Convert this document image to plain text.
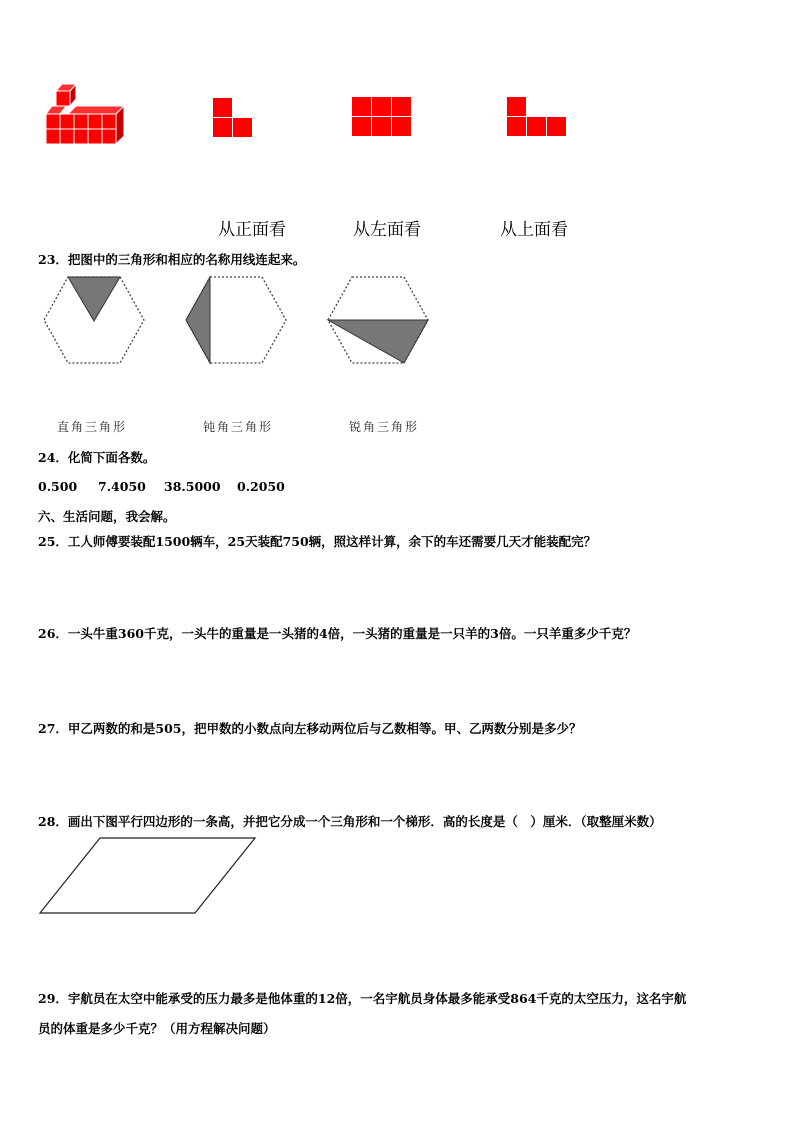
从正面看	从左面看	从上面看
23．把图中的三角形和相应的名称用线连起来。
直角三角形	钝角三角形	锐角三角形
24．化简下面各数。
0.500 7.4050 38.5000 0.2050
六、生活问题，我会解。
25．工人师傅要装配1500辆车，25天装配750辆，照这样计算，余下的车还需要几天才能装配完？
26．一头牛重360千克，一头牛的重量是一头猪的4倍，一头猪的重量是一只羊的3倍。一只羊重多少千克？
27．甲乙两数的和是505，把甲数的小数点向左移动两位后与乙数相等。甲、乙两数分别是多少？
28．画出下图平行四边形的一条高，并把它分成一个三角形和一个梯形．高的长度是（　）厘米．（取整厘米数）
29．宇航员在太空中能承受的压力最多是他体重的12倍，一名宇航员身体最多能承受864千克的太空压力，这名宇航
员的体重是多少千克？（用方程解决问题）
